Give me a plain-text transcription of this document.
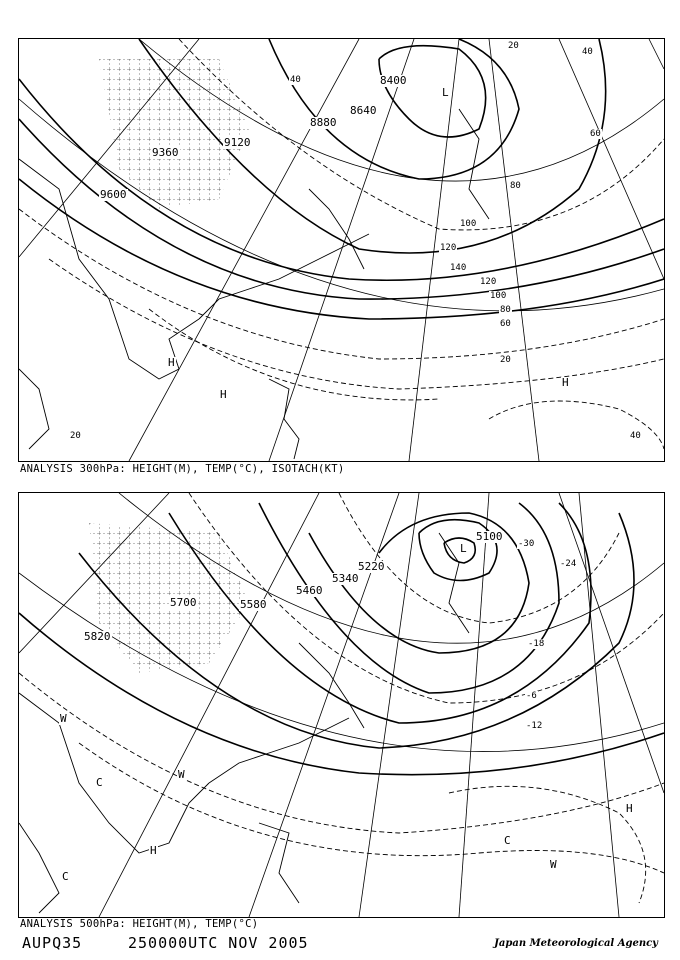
8400
8640
8880
9120
9360
9600
20
40
60
80
100
120
140
120
100
80
60
40
20
20	40
L
H
H
H
ANALYSIS 300hPa: HEIGHT(M), TEMP(°C), ISOTACH(KT)
5100
5220
5340
5460
5580
5700
5820
-30
-24
-18
-12
-6
L
W
C
C
H
W
C
W
H
ANALYSIS 500hPa: HEIGHT(M), TEMP(°C)
AUPQ35	250000UTC NOV 2005	Japan Meteorological Agency
